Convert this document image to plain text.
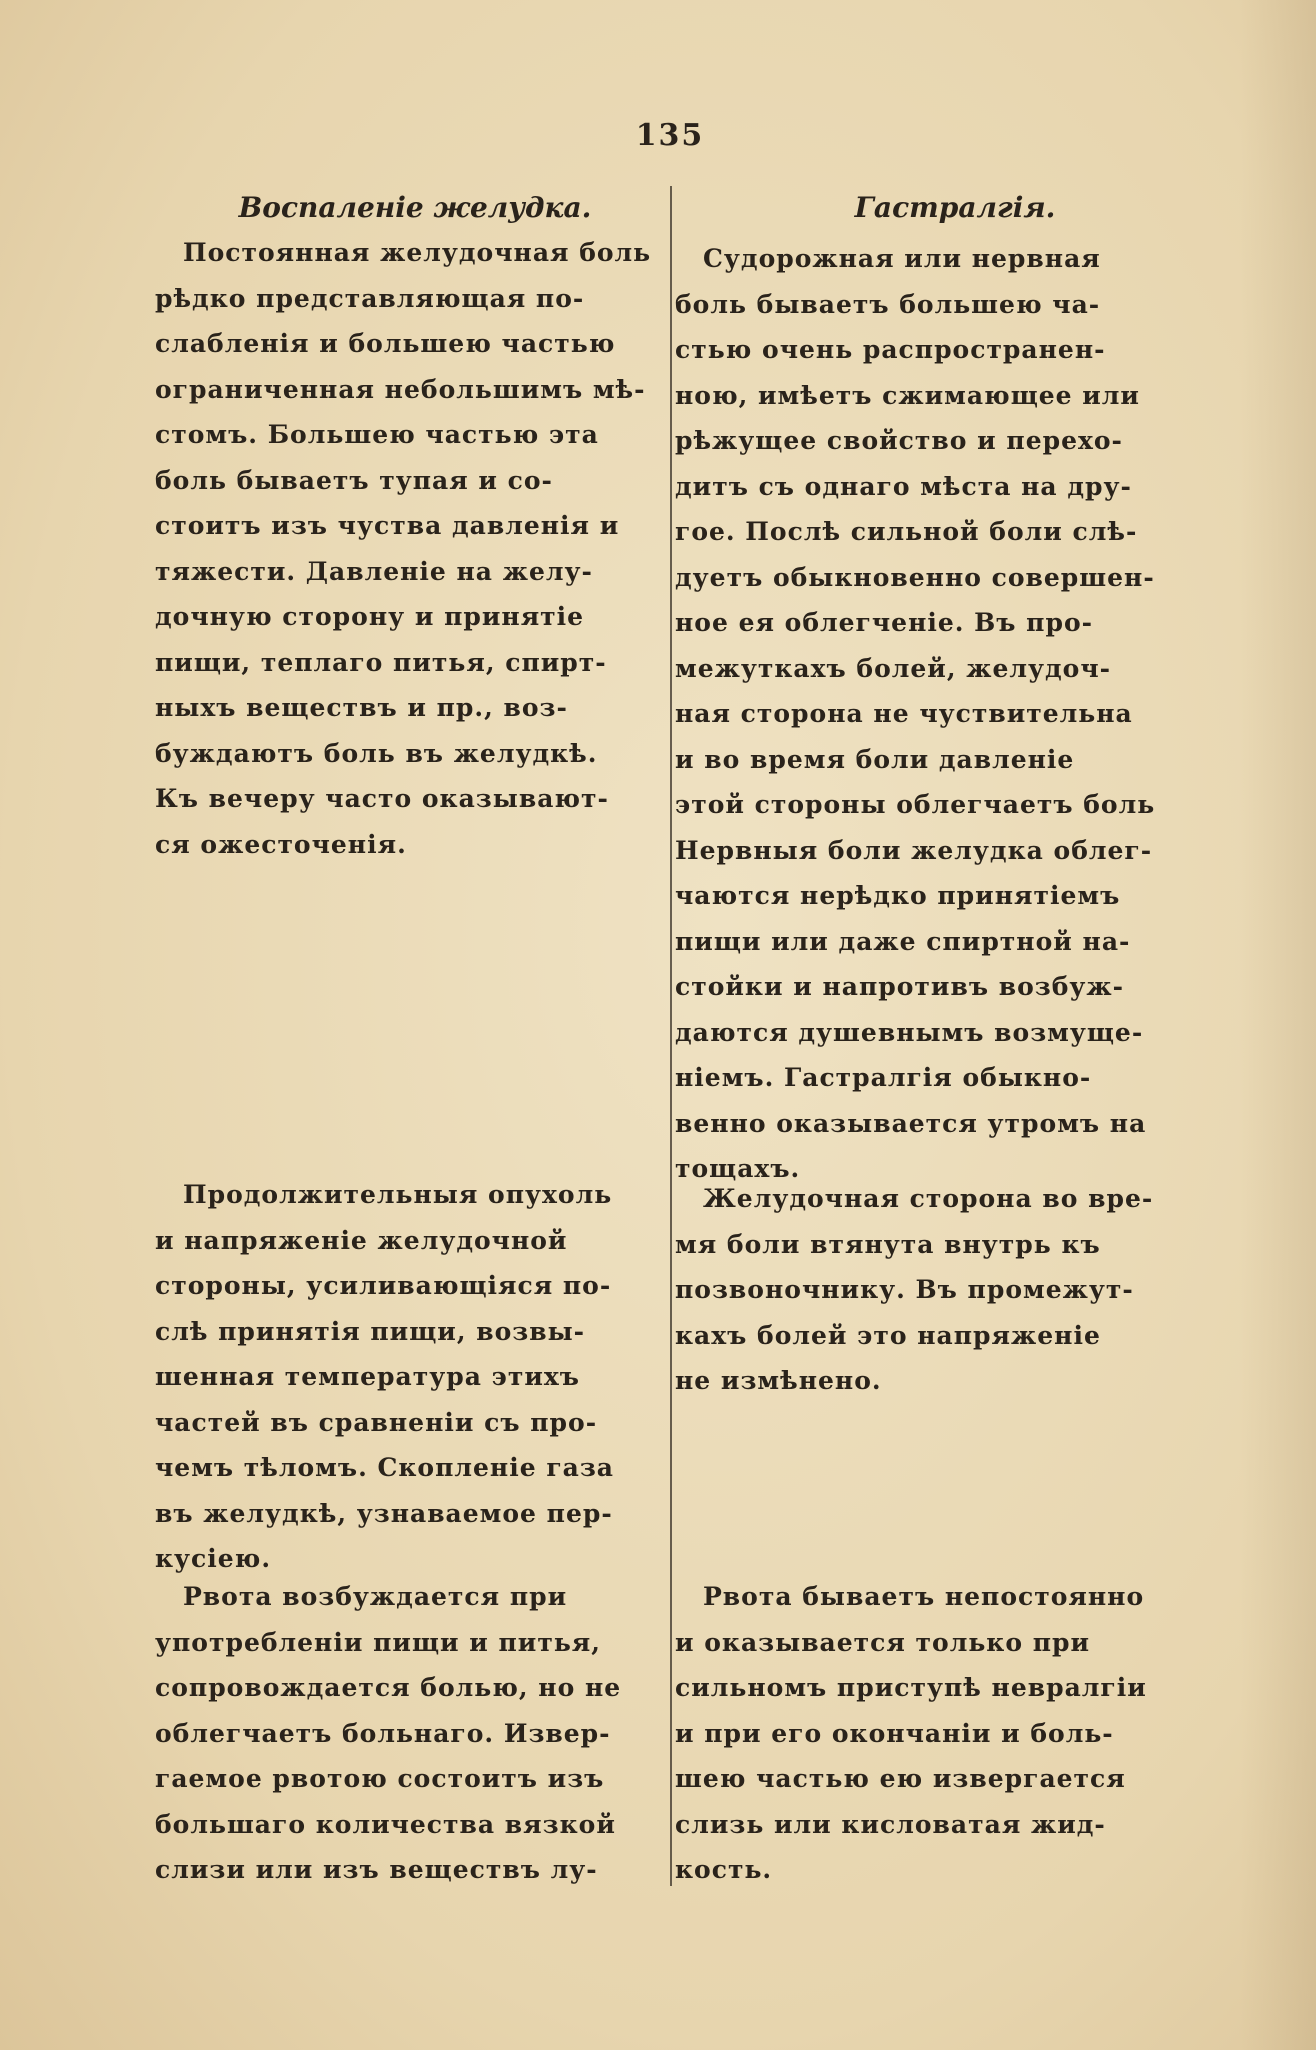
135
Воспаленіе желудка.	Гастралгія.
Постоянная желудочная боль
рѣдко представляющая по-
слабленія и большею частью
ограниченная небольшимъ мѣ-
стомъ. Большею частью эта
боль бываетъ тупая и со-
стоитъ изъ чуства давленія и
тяжести. Давленіе на желу-
дочную сторону и принятіе
пищи, теплаго питья, спирт-
ныхъ веществъ и пр., воз-
буждаютъ боль въ желудкѣ.
Къ вечеру часто оказывают-
ся ожесточенія.
Продолжительныя опухоль
и напряженіе желудочной
стороны, усиливающіяся по-
слѣ принятія пищи, возвы-
шенная температура этихъ
частей въ сравненіи съ про-
чемъ тѣломъ. Скопленіе газа
въ желудкѣ, узнаваемое пер-
кусіею.
Рвота возбуждается при
употребленіи пищи и питья,
сопровождается болью, но не
облегчаетъ больнаго. Извер-
гаемое рвотою состоитъ изъ
большаго количества вязкой
слизи или изъ веществъ лу-
Судорожная или нервная
боль бываетъ большею ча-
стью очень распространен-
ною, имѣетъ сжимающее или
рѣжущее свойство и перехо-
дитъ съ однаго мѣста на дру-
гое. Послѣ сильной боли слѣ-
дуетъ обыкновенно совершен-
ное ея облегченіе. Въ про-
межуткахъ болей, желудоч-
ная сторона не чуствительна
и во время боли давленіе
этой стороны облегчаетъ боль
Нервныя боли желудка облег-
чаются нерѣдко принятіемъ
пищи или даже спиртной на-
стойки и напротивъ возбуж-
даются душевнымъ возмуще-
ніемъ. Гастралгія обыкно-
венно оказывается утромъ на
тощахъ.
Желудочная сторона во вре-
мя боли втянута внутрь къ
позвоночнику. Въ промежут-
кахъ болей это напряженіе
не измѣнено.
Рвота бываетъ непостоянно
и оказывается только при
сильномъ приступѣ невралгіи
и при его окончаніи и боль-
шею частью ею извергается
слизь или кисловатая жид-
кость.
